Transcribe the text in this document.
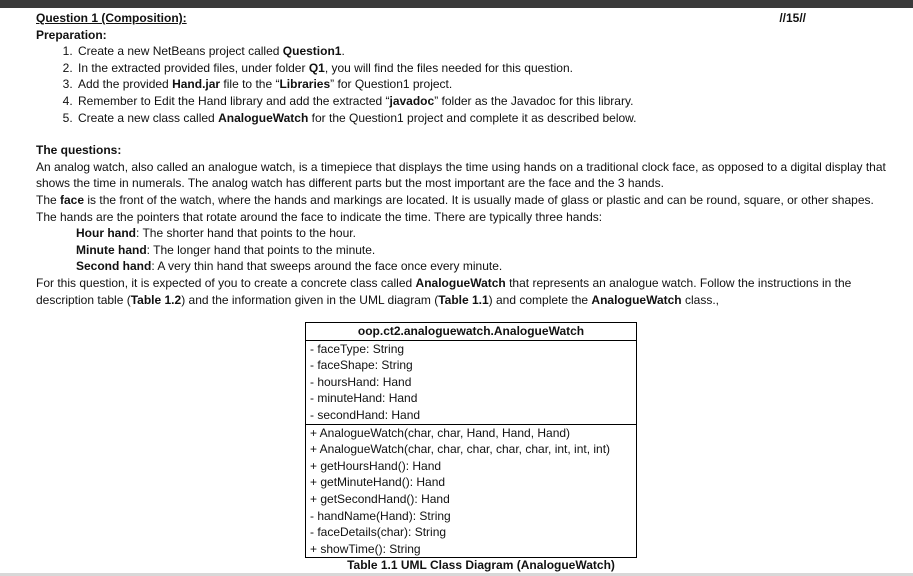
Question 1 (Composition):	//15//
Preparation:
1. Create a new NetBeans project called Question1.
2. In the extracted provided files, under folder Q1, you will find the files needed for this question.
3. Add the provided Hand.jar file to the “Libraries” for Question1 project.
4. Remember to Edit the Hand library and add the extracted “javadoc” folder as the Javadoc for this library.
5. Create a new class called AnalogueWatch for the Question1 project and complete it as described below.
The questions:

An analog watch, also called an analogue watch, is a timepiece that displays the time using hands on a traditional clock face, as opposed to a digital display that shows the time in numerals. The analog watch has different parts but the most important are the face and the 3 hands.

The face is the front of the watch, where the hands and markings are located. It is usually made of glass or plastic and can be round, square, or other shapes.

The hands are the pointers that rotate around the face to indicate the time. There are typically three hands:

Hour hand: The shorter hand that points to the hour.
Minute hand: The longer hand that points to the minute.
Second hand: A very thin hand that sweeps around the face once every minute.

For this question, it is expected of you to create a concrete class called AnalogueWatch that represents an analogue watch. Follow the instructions in the description table (Table 1.2) and the information given in the UML diagram (Table 1.1) and complete the AnalogueWatch class.,

oop.ct2.analoguewatch.AnalogueWatch
- faceType: String
- faceShape: String
- hoursHand: Hand
- minuteHand: Hand
- secondHand: Hand
+ AnalogueWatch(char, char, Hand, Hand, Hand)
+ AnalogueWatch(char, char, char, char, char, int, int, int)
+ getHoursHand(): Hand
+ getMinuteHand(): Hand
+ getSecondHand(): Hand
- handName(Hand): String
- faceDetails(char): String
+ showTime(): String
Table 1.1 UML Class Diagram (AnalogueWatch)
